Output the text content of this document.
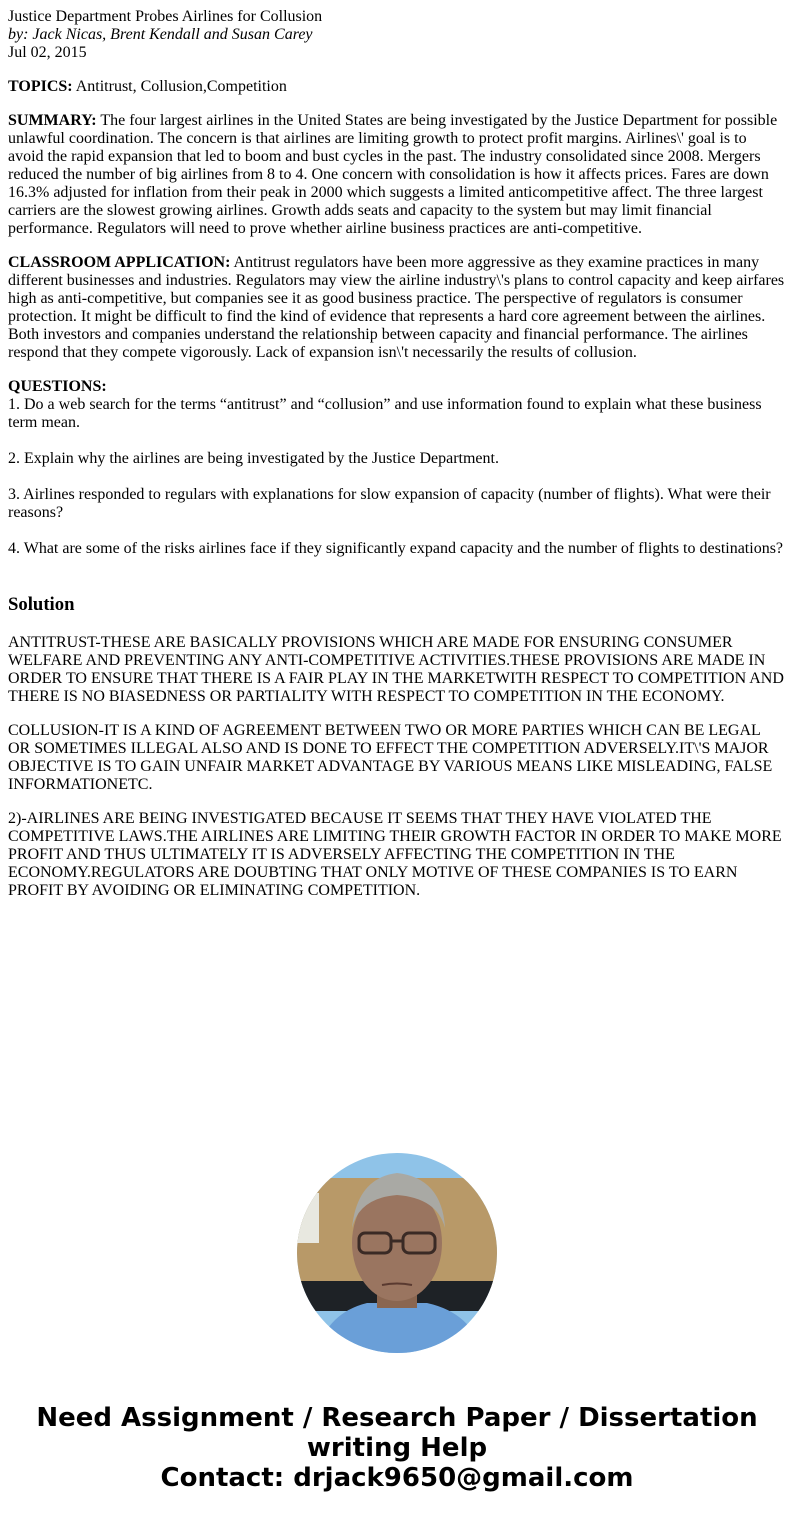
Justice Department Probes Airlines for Collusion
by: Jack Nicas, Brent Kendall and Susan Carey
Jul 02, 2015

TOPICS: Antitrust, Collusion,Competition

SUMMARY: The four largest airlines in the United States are being investigated by the Justice Department for possible unlawful coordination. The concern is that airlines are limiting growth to protect profit margins. Airlines\' goal is to avoid the rapid expansion that led to boom and bust cycles in the past. The industry consolidated since 2008. Mergers reduced the number of big airlines from 8 to 4. One concern with consolidation is how it affects prices. Fares are down 16.3% adjusted for inflation from their peak in 2000 which suggests a limited anticompetitive affect. The three largest carriers are the slowest growing airlines. Growth adds seats and capacity to the system but may limit financial performance. Regulators will need to prove whether airline business practices are anti-competitive.

CLASSROOM APPLICATION: Antitrust regulators have been more aggressive as they examine practices in many different businesses and industries. Regulators may view the airline industry\'s plans to control capacity and keep airfares high as anti-competitive, but companies see it as good business practice. The perspective of regulators is consumer protection. It might be difficult to find the kind of evidence that represents a hard core agreement between the airlines. Both investors and companies understand the relationship between capacity and financial performance. The airlines respond that they compete vigorously. Lack of expansion isn\'t necessarily the results of collusion.

QUESTIONS:
1. Do a web search for the terms “antitrust” and “collusion” and use information found to explain what these business term mean.
2. Explain why the airlines are being investigated by the Justice Department.
3. Airlines responded to regulars with explanations for slow expansion of capacity (number of flights). What were their reasons?
4. What are some of the risks airlines face if they significantly expand capacity and the number of flights to destinations?
Solution

ANTITRUST-THESE ARE BASICALLY PROVISIONS WHICH ARE MADE FOR ENSURING CONSUMER WELFARE AND PREVENTING ANY ANTI-COMPETITIVE ACTIVITIES.THESE PROVISIONS ARE MADE IN ORDER TO ENSURE THAT THERE IS A FAIR PLAY IN THE MARKETWITH RESPECT TO COMPETITION AND THERE IS NO BIASEDNESS OR PARTIALITY WITH RESPECT TO COMPETITION IN THE ECONOMY.

COLLUSION-IT IS A KIND OF AGREEMENT BETWEEN TWO OR MORE PARTIES WHICH CAN BE LEGAL OR SOMETIMES ILLEGAL ALSO AND IS DONE TO EFFECT THE COMPETITION ADVERSELY.IT\'S MAJOR OBJECTIVE IS TO GAIN UNFAIR MARKET ADVANTAGE BY VARIOUS MEANS LIKE MISLEADING, FALSE INFORMATIONETC.

2)-AIRLINES ARE BEING INVESTIGATED BECAUSE IT SEEMS THAT THEY HAVE VIOLATED THE COMPETITIVE LAWS.THE AIRLINES ARE LIMITING THEIR GROWTH FACTOR IN ORDER TO MAKE MORE PROFIT AND THUS ULTIMATELY IT IS ADVERSELY AFFECTING THE COMPETITION IN THE ECONOMY.REGULATORS ARE DOUBTING THAT ONLY MOTIVE OF THESE COMPANIES IS TO EARN PROFIT BY AVOIDING OR ELIMINATING COMPETITION.

Need Assignment / Research Paper / Dissertation writing Help
Contact: drjack9650@gmail.com
